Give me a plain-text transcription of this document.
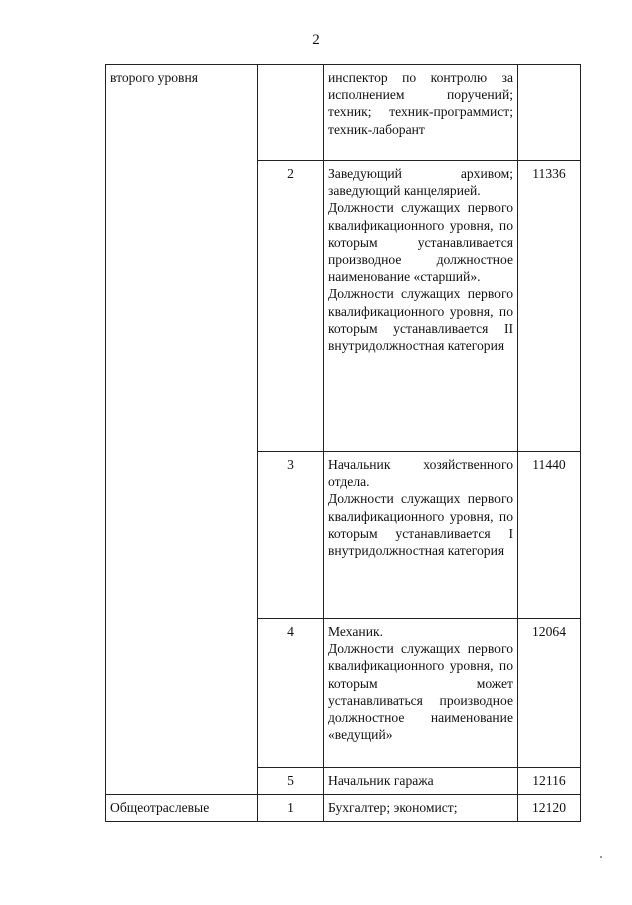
2
второго уровня		инспектор по контролю за исполнением поручений; техник; техник-программист; техник-лаборант	

	2	Заведующий архивом; заведующий канцелярией.
Должности служащих первого квалификационного уровня, по которым устанавливается производное должностное наименование «старший».
Должности служащих первого квалификационного уровня, по которым устанавливается II внутридолжностная категория	11336
	3	Начальник хозяйственного отдела.
Должности служащих первого квалификационного уровня, по которым устанавливается I внутридолжностная категория	11440
	4	Механик.
Должности служащих первого квалификационного уровня, по которым может устанавливаться производное должностное наименование «ведущий»	12064
	5	Начальник гаража	12116
Общеотраслевые	1	Бухгалтер; экономист;	12120
